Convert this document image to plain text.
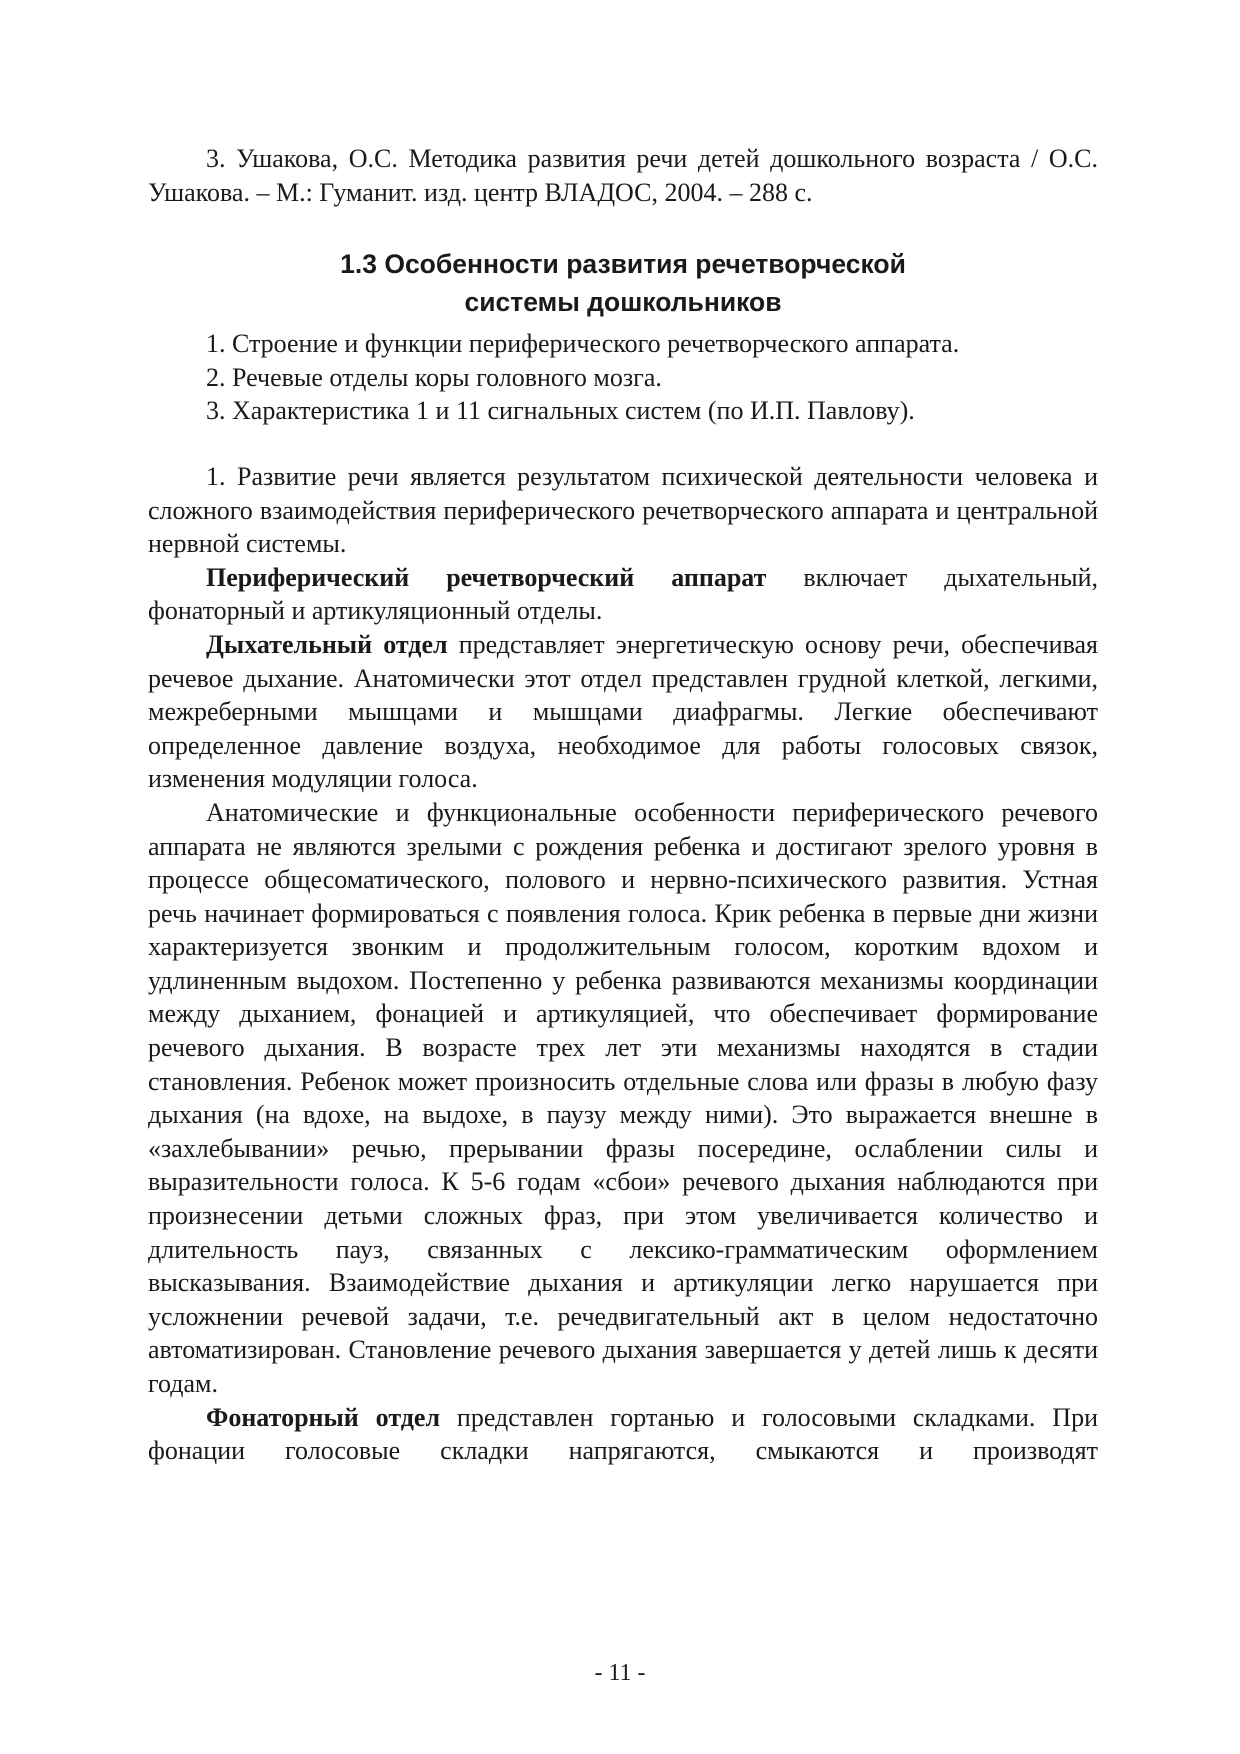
3. Ушакова, О.С. Методика развития речи детей дошкольного возраста / О.С. Ушакова. – М.: Гуманит. изд. центр ВЛАДОС, 2004. – 288 с.

1.3 Особенности развития речетворческой
системы дошкольников
1. Строение и функции периферического речетворческого аппарата.
2. Речевые отделы коры головного мозга.
3. Характеристика 1 и 11 сигнальных систем (по И.П. Павлову).

1. Развитие речи является результатом психической деятельности человека и сложного взаимодействия периферического речетворческого аппарата и центральной нервной системы.

Периферический речетворческий аппарат включает дыхательный, фонаторный и артикуляционный отделы.

Дыхательный отдел представляет энергетическую основу речи, обеспечивая речевое дыхание. Анатомически этот отдел представлен грудной клеткой, легкими, межреберными мышцами и мышцами диафрагмы. Легкие обеспечивают определенное давление воздуха, необходимое для работы голосовых связок, изменения модуляции голоса.

Анатомические и функциональные особенности периферического речевого аппарата не являются зрелыми с рождения ребенка и достигают зрелого уровня в процессе общесоматического, полового и нервно-психического развития. Устная речь начинает формироваться с появления голоса. Крик ребенка в первые дни жизни характеризуется звонким и продолжительным голосом, коротким вдохом и удлиненным выдохом. Постепенно у ребенка развиваются механизмы координации между дыханием, фонацией и артикуляцией, что обеспечивает формирование речевого дыхания. В возрасте трех лет эти механизмы находятся в стадии становления. Ребенок может произносить отдельные слова или фразы в любую фазу дыхания (на вдохе, на выдохе, в паузу между ними). Это выражается внешне в «захлебывании» речью, прерывании фразы посередине, ослаблении силы и выразительности голоса. К 5-6 годам «сбои» речевого дыхания наблюдаются при произнесении детьми сложных фраз, при этом увеличивается количество и длительность пауз, связанных с лексико-грамматическим оформлением высказывания. Взаимодействие дыхания и артикуляции легко нарушается при усложнении речевой задачи, т.е. речедвигательный акт в целом недостаточно автоматизирован. Становление речевого дыхания завершается у детей лишь к десяти годам.

Фонаторный отдел представлен гортанью и голосовыми складками. При фонации голосовые складки напрягаются, смыкаются и производят

- 11 -
